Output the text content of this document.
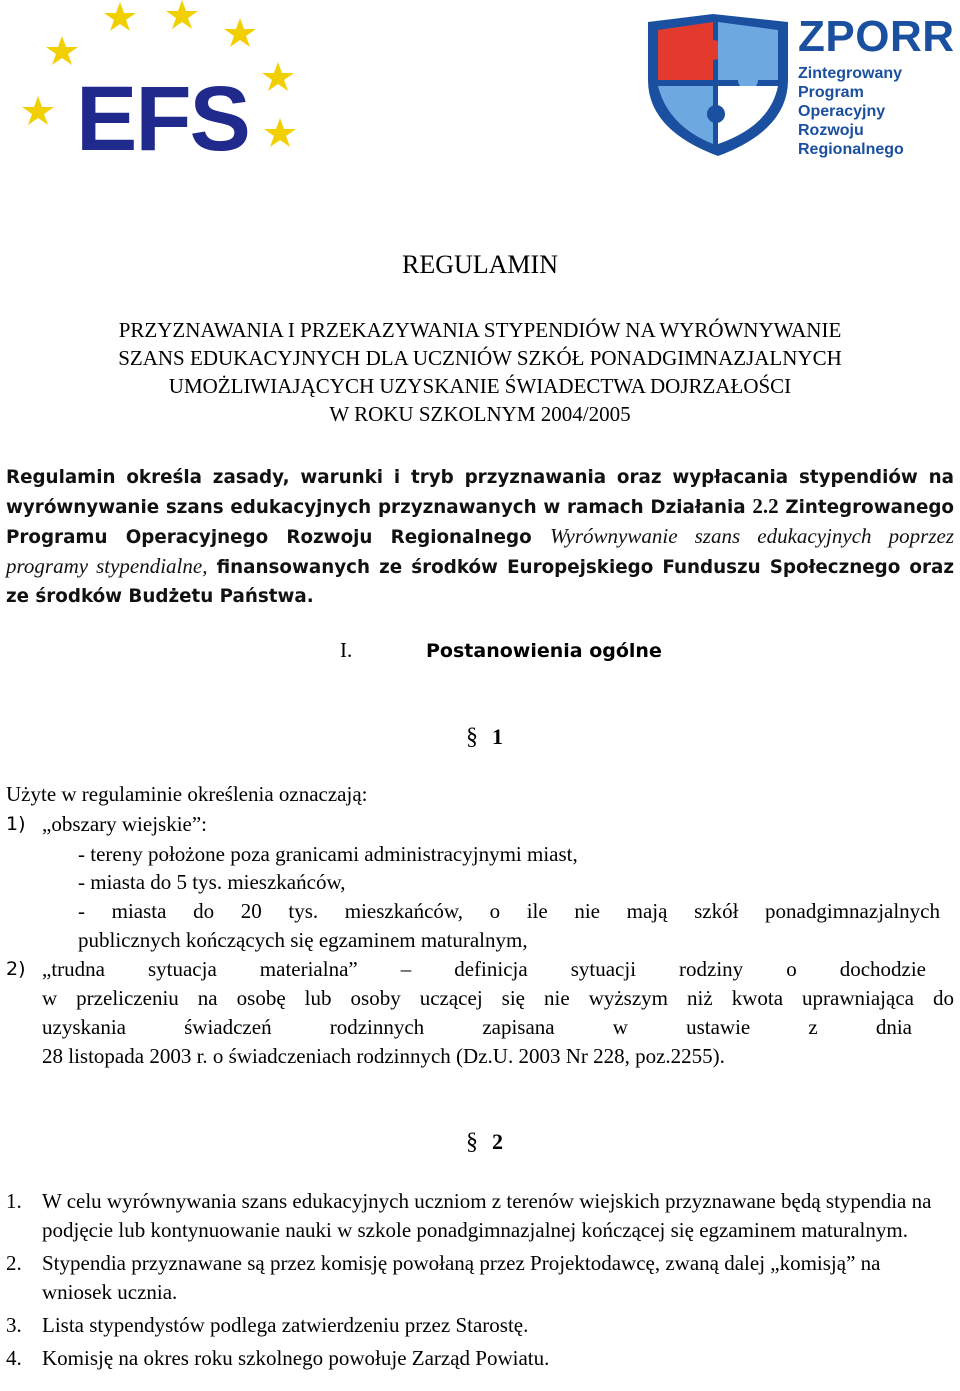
EFS
ZPORR
Zintegrowany Program
Operacyjny
Rozwoju Regionalnego
REGULAMIN
PRZYZNAWANIA I PRZEKAZYWANIA STYPENDIÓW NA WYRÓWNYWANIE
SZANS EDUKACYJNYCH DLA UCZNIÓW SZKÓŁ PONADGIMNAZJALNYCH
UMOŻLIWIAJĄCYCH UZYSKANIE ŚWIADECTWA DOJRZAŁOŚCI
W ROKU SZKOLNYM 2004/2005
Regulamin określa zasady, warunki i tryb przyznawania oraz wypłacania stypendiów na wyrównywanie szans edukacyjnych przyznawanych w ramach Działania 2.2 Zintegrowanego Programu Operacyjnego Rozwoju Regionalnego Wyrównywanie szans edukacyjnych poprzez programy stypendialne, finansowanych ze środków Europejskiego Funduszu Społecznego oraz ze środków Budżetu Państwa.
I.	Postanowienia ogólne
§ 1
Użyte w regulaminie określenia oznaczają:
1) „obszary wiejskie”:
- tereny położone poza granicami administracyjnymi miast,
- miasta do 5 tys. mieszkańców,
- miasta do 20 tys. mieszkańców, o ile nie mają szkół ponadgimnazjalnych
publicznych kończących się egzaminem maturalnym,
2) „trudna sytuacja materialna” – definicja sytuacji rodziny o dochodzie
w przeliczeniu na osobę lub osoby uczącej się nie wyższym niż kwota uprawniająca do
uzyskania świadczeń rodzinnych zapisana w ustawie z dnia
28 listopada 2003 r. o świadczeniach rodzinnych (Dz.U. 2003 Nr 228, poz.2255).
§ 2
1. W celu wyrównywania szans edukacyjnych uczniom z terenów wiejskich przyznawane będą stypendia na podjęcie lub kontynuowanie nauki w szkole ponadgimnazjalnej kończącej się egzaminem maturalnym.
2. Stypendia przyznawane są przez komisję powołaną przez Projektodawcę, zwaną dalej „komisją” na wniosek ucznia.
3. Lista stypendystów podlega zatwierdzeniu przez Starostę.
4. Komisję na okres roku szkolnego powołuje Zarząd Powiatu.
